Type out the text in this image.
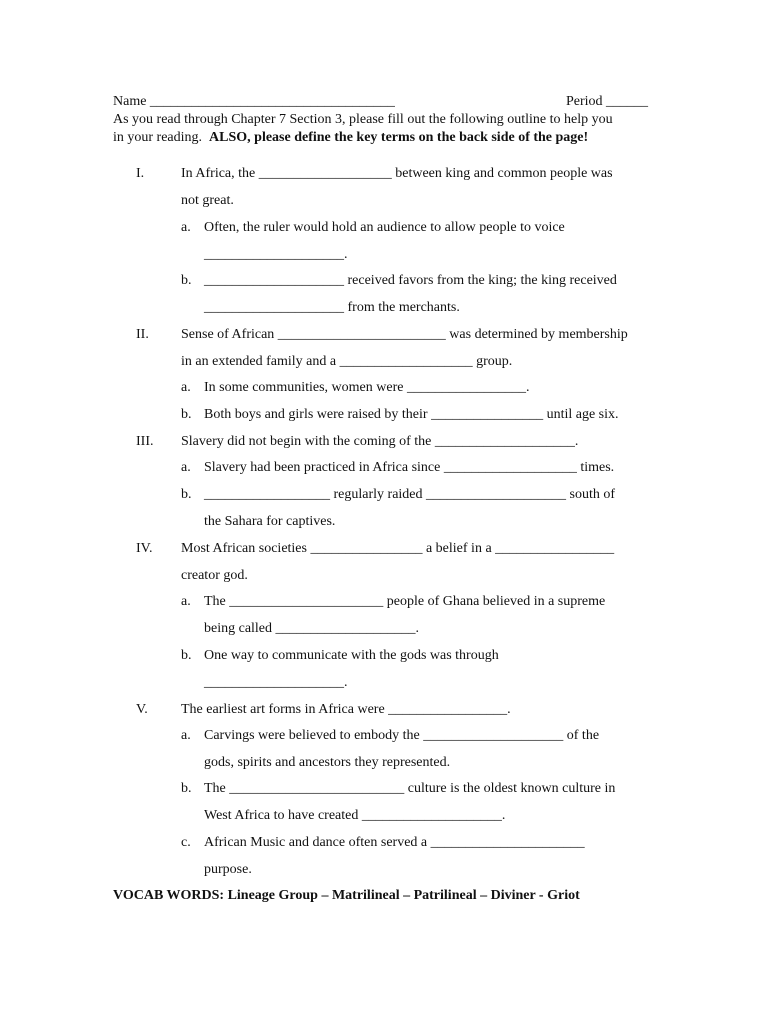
Name ___________________________________	Period ______
As you read through Chapter 7 Section 3, please fill out the following outline to help you
in your reading.  ALSO, please define the key terms on the back side of the page!
I.	In Africa, the ___________________ between king and common people was
not great.
a. Often, the ruler would hold an audience to allow people to voice
____________________.
b. ____________________ received favors from the king; the king received
____________________ from the merchants.
II. Sense of African ________________________ was determined by membership
in an extended family and a ___________________ group.
a. In some communities, women were _________________.
b. Both boys and girls were raised by their ________________ until age six.
III. Slavery did not begin with the coming of the ____________________.
a. Slavery had been practiced in Africa since ___________________ times.
b. __________________ regularly raided ____________________ south of
the Sahara for captives.
IV. Most African societies ________________ a belief in a _________________
creator god.
a. The ______________________ people of Ghana believed in a supreme
being called ____________________.
b. One way to communicate with the gods was through
____________________.
V. The earliest art forms in Africa were _________________.
a. Carvings were believed to embody the ____________________ of the
gods, spirits and ancestors they represented.
b. The _________________________ culture is the oldest known culture in
West Africa to have created ____________________.
c. African Music and dance often served a ______________________
purpose.
VOCAB WORDS: Lineage Group – Matrilineal – Patrilineal – Diviner - Griot
